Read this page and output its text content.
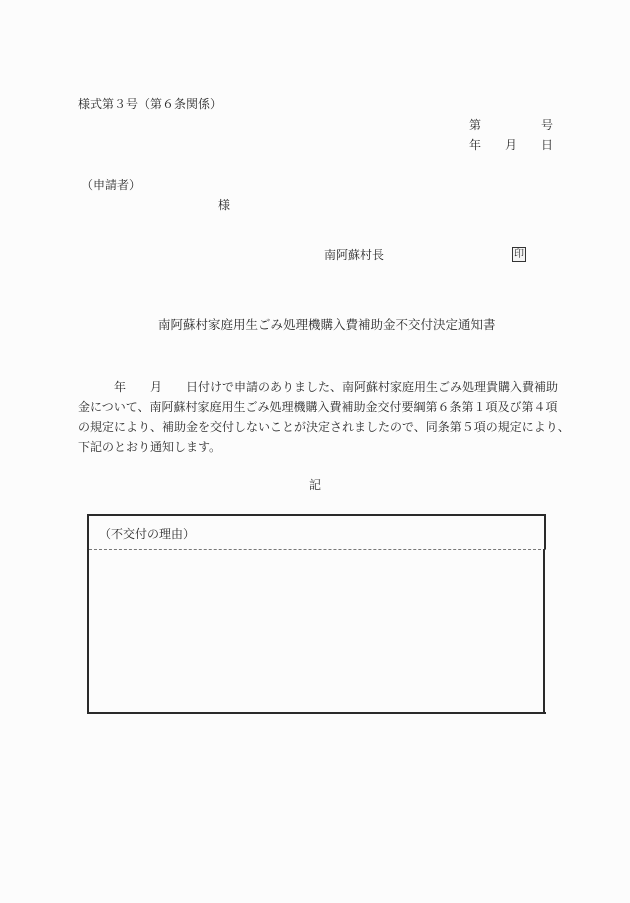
様式第３号（第６条関係）
第	号
年 月 日
（申請者）
様
南阿蘇村長	印
南阿蘇村家庭用生ごみ処理機購入費補助金不交付決定通知書
年 月 日付けで申請のありました、南阿蘇村家庭用生ごみ処理貴購入費補助
金について、南阿蘇村家庭用生ごみ処理機購入費補助金交付要綱第６条第１項及び第４項
の規定により、補助金を交付しないことが決定されましたので、同条第５項の規定により、
下記のとおり通知します。
記
（不交付の理由）
